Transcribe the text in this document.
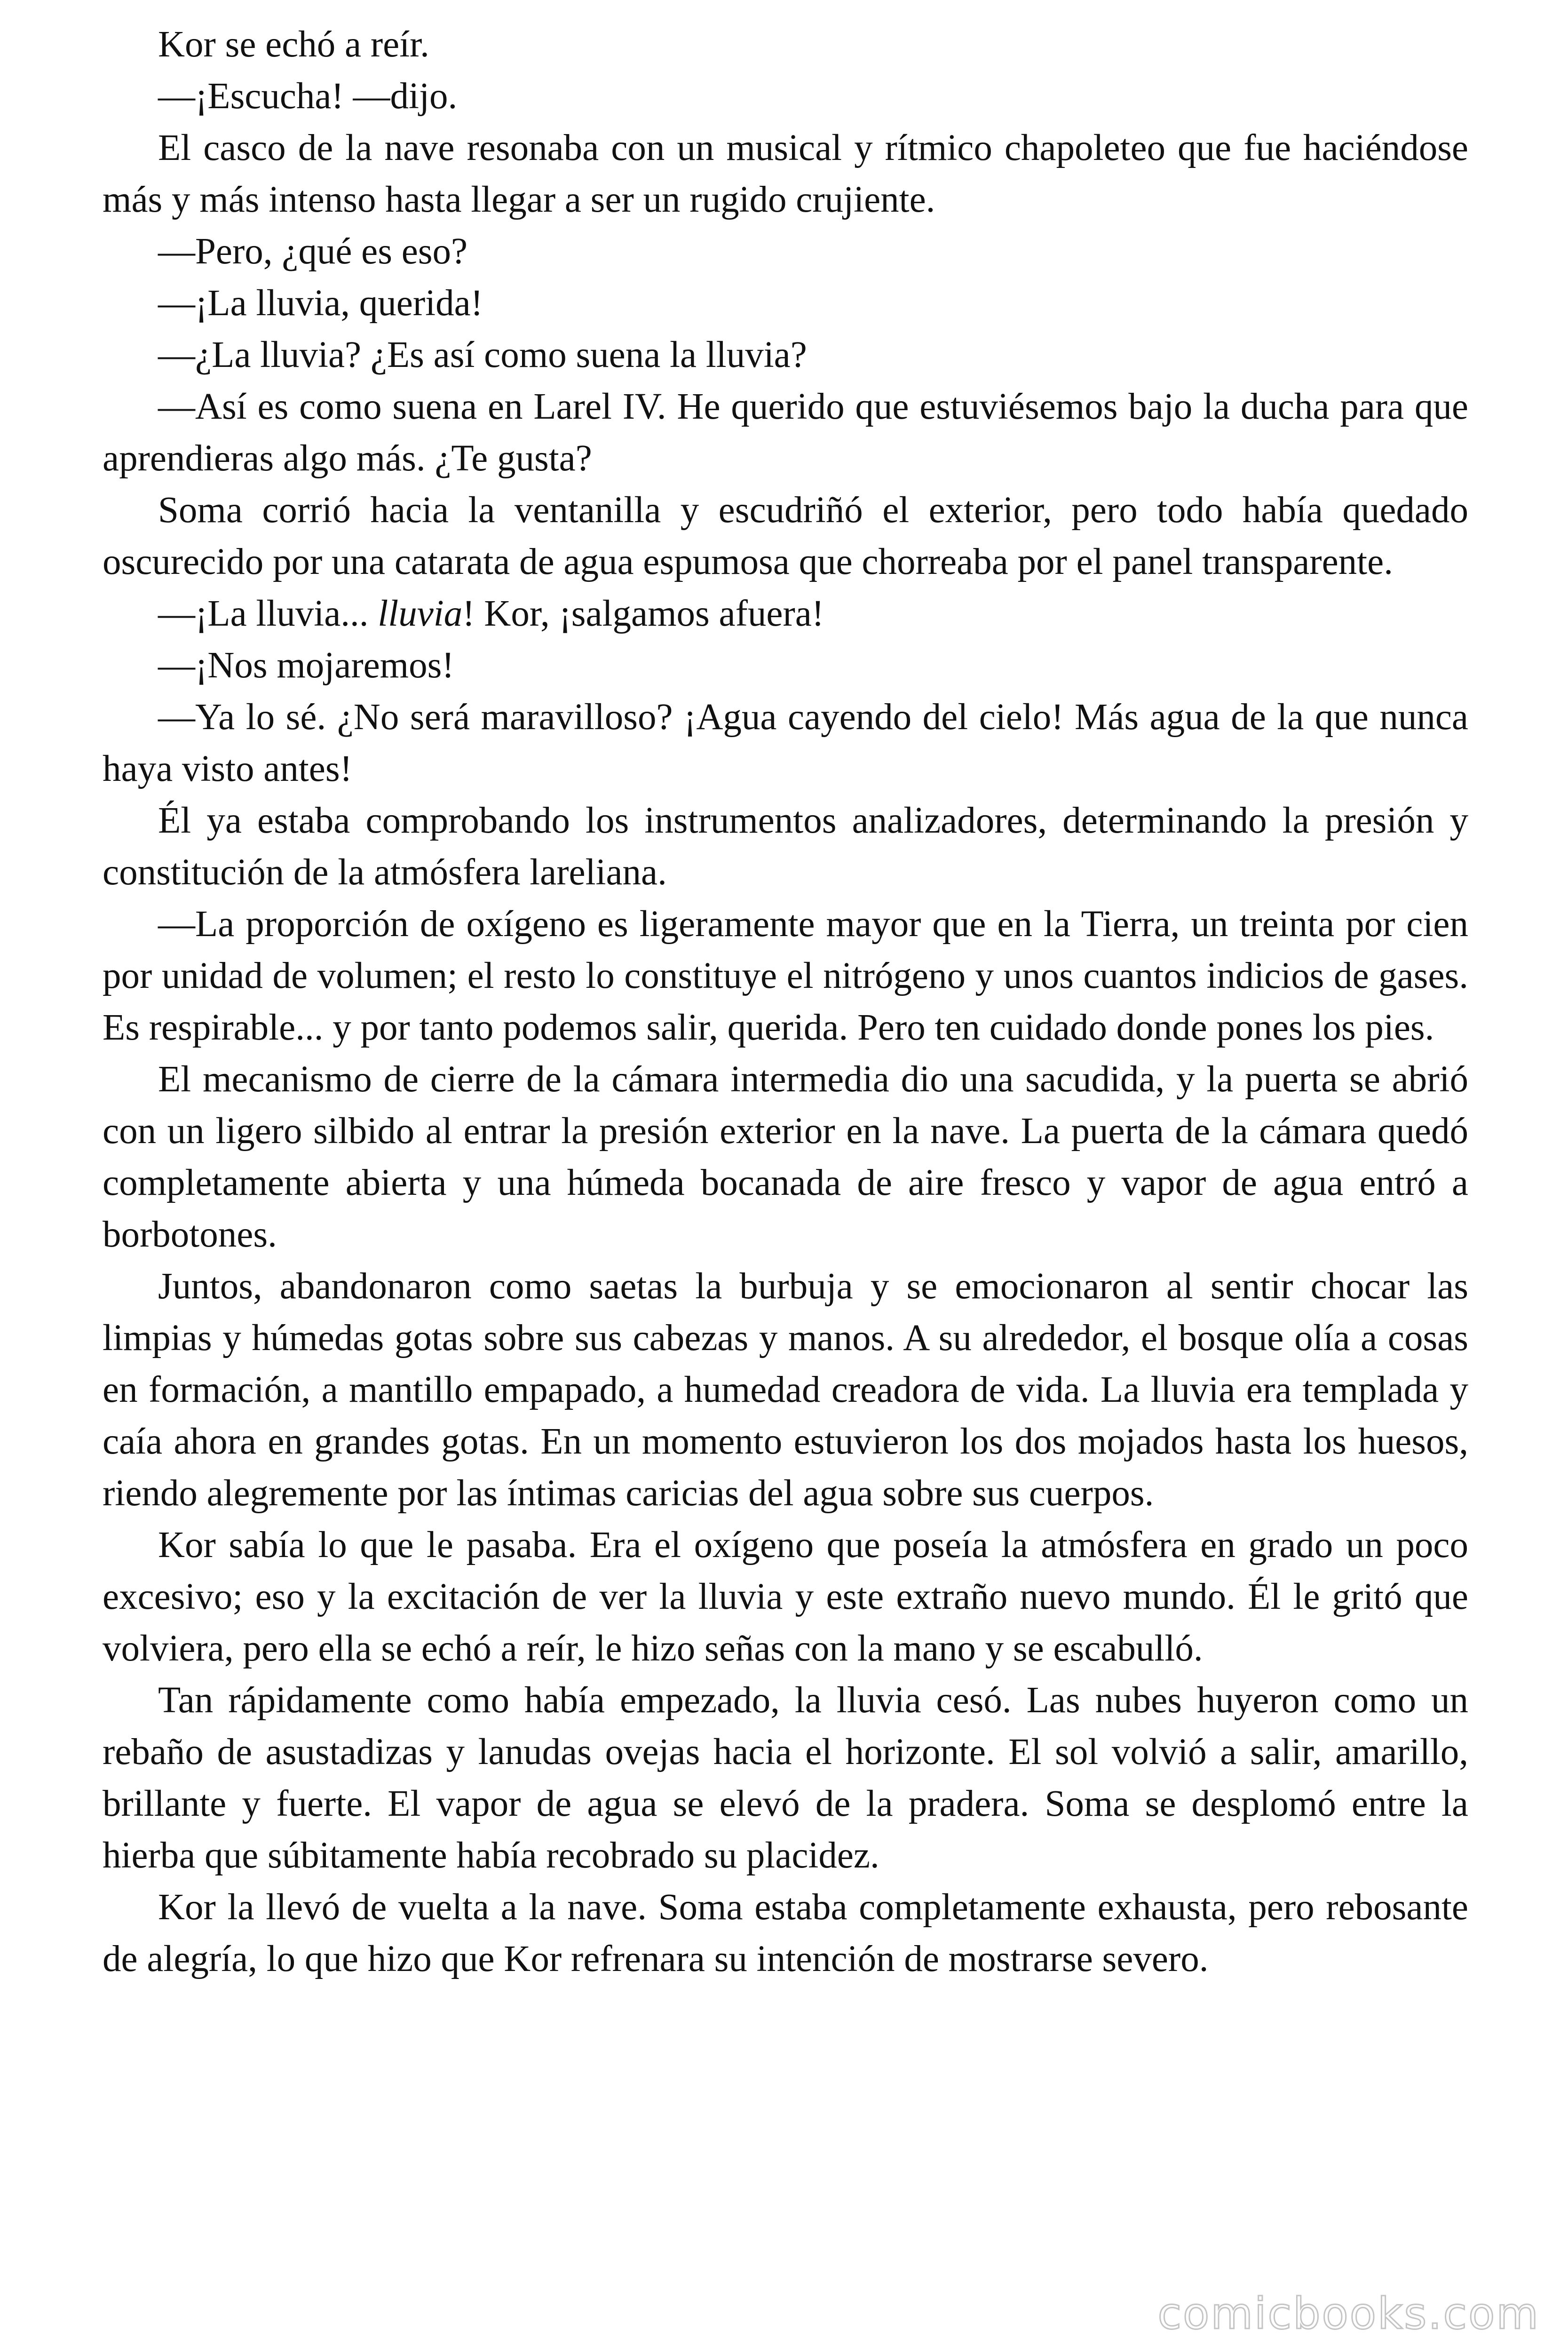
Kor se echó a reír.

—¡Escucha! —dijo.

El casco de la nave resonaba con un musical y rítmico chapoleteo que fue haciéndose más y más intenso hasta llegar a ser un rugido crujiente.

—Pero, ¿qué es eso?

—¡La lluvia, querida!

—¿La lluvia? ¿Es así como suena la lluvia?

—Así es como suena en Larel IV. He querido que estuviésemos bajo la ducha para que aprendieras algo más. ¿Te gusta?

Soma corrió hacia la ventanilla y escudriñó el exterior, pero todo había quedado oscurecido por una catarata de agua espumosa que chorreaba por el panel transparente.

—¡La lluvia... lluvia! Kor, ¡salgamos afuera!

—¡Nos mojaremos!

—Ya lo sé. ¿No será maravilloso? ¡Agua cayendo del cielo! Más agua de la que nunca haya visto antes!

Él ya estaba comprobando los instrumentos analizadores, determinando la presión y constitución de la atmósfera lareliana.

—La proporción de oxígeno es ligeramente mayor que en la Tierra, un treinta por cien por unidad de volumen; el resto lo constituye el nitrógeno y unos cuantos indicios de gases. Es respirable... y por tanto podemos salir, querida. Pero ten cuidado donde pones los pies.

El mecanismo de cierre de la cámara intermedia dio una sacudida, y la puerta se abrió con un ligero silbido al entrar la presión exterior en la nave. La puerta de la cámara quedó completamente abierta y una húmeda bocanada de aire fresco y vapor de agua entró a borbotones.

Juntos, abandonaron como saetas la burbuja y se emocionaron al sentir chocar las limpias y húmedas gotas sobre sus cabezas y manos. A su alrededor, el bosque olía a cosas en formación, a mantillo empapado, a humedad creadora de vida. La lluvia era templada y caía ahora en grandes gotas. En un momento estuvieron los dos mojados hasta los huesos, riendo alegremente por las íntimas caricias del agua sobre sus cuerpos.

Kor sabía lo que le pasaba. Era el oxígeno que poseía la atmósfera en grado un poco excesivo; eso y la excitación de ver la lluvia y este extraño nuevo mundo. Él le gritó que volviera, pero ella se echó a reír, le hizo señas con la mano y se escabulló.

Tan rápidamente como había empezado, la lluvia cesó. Las nubes huyeron como un rebaño de asustadizas y lanudas ovejas hacia el horizonte. El sol volvió a salir, amarillo, brillante y fuerte. El vapor de agua se elevó de la pradera. Soma se desplomó entre la hierba que súbitamente había recobrado su placidez.

Kor la llevó de vuelta a la nave. Soma estaba completamente exhausta, pero rebosante de alegría, lo que hizo que Kor refrenara su intención de mostrarse severo.

comicbooks.com
